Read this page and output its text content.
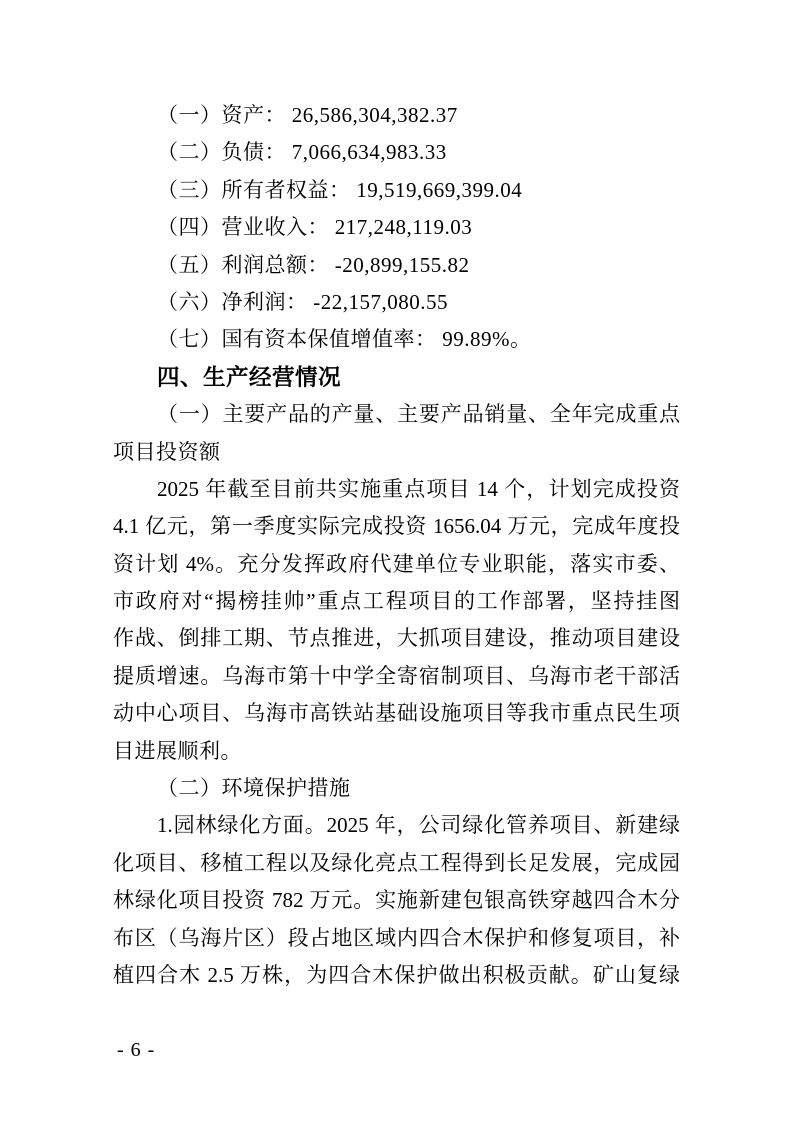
（一）资产： 26,586,304,382.37
（二）负债： 7,066,634,983.33
（三）所有者权益： 19,519,669,399.04
（四）营业收入： 217,248,119.03
（五）利润总额： -20,899,155.82
（六）净利润： -22,157,080.55
（七）国有资本保值增值率： 99.89%。
四、生产经营情况
（一）主要产品的产量、主要产品销量、全年完成重点
项目投资额
2025 年截至目前共实施重点项目 14 个，计划完成投资
4.1 亿元，第一季度实际完成投资 1656.04 万元，完成年度投
资计划 4%。充分发挥政府代建单位专业职能，落实市委、
市政府对“揭榜挂帅”重点工程项目的工作部署，坚持挂图
作战、倒排工期、节点推进，大抓项目建设，推动项目建设
提质增速。乌海市第十中学全寄宿制项目、乌海市老干部活
动中心项目、乌海市高铁站基础设施项目等我市重点民生项
目进展顺利。
（二）环境保护措施
1.园林绿化方面。2025 年，公司绿化管养项目、新建绿
化项目、移植工程以及绿化亮点工程得到长足发展，完成园
林绿化项目投资 782 万元。实施新建包银高铁穿越四合木分
布区（乌海片区）段占地区域内四合木保护和修复项目，补
植四合木 2.5 万株，为四合木保护做出积极贡献。矿山复绿
- 6 -
